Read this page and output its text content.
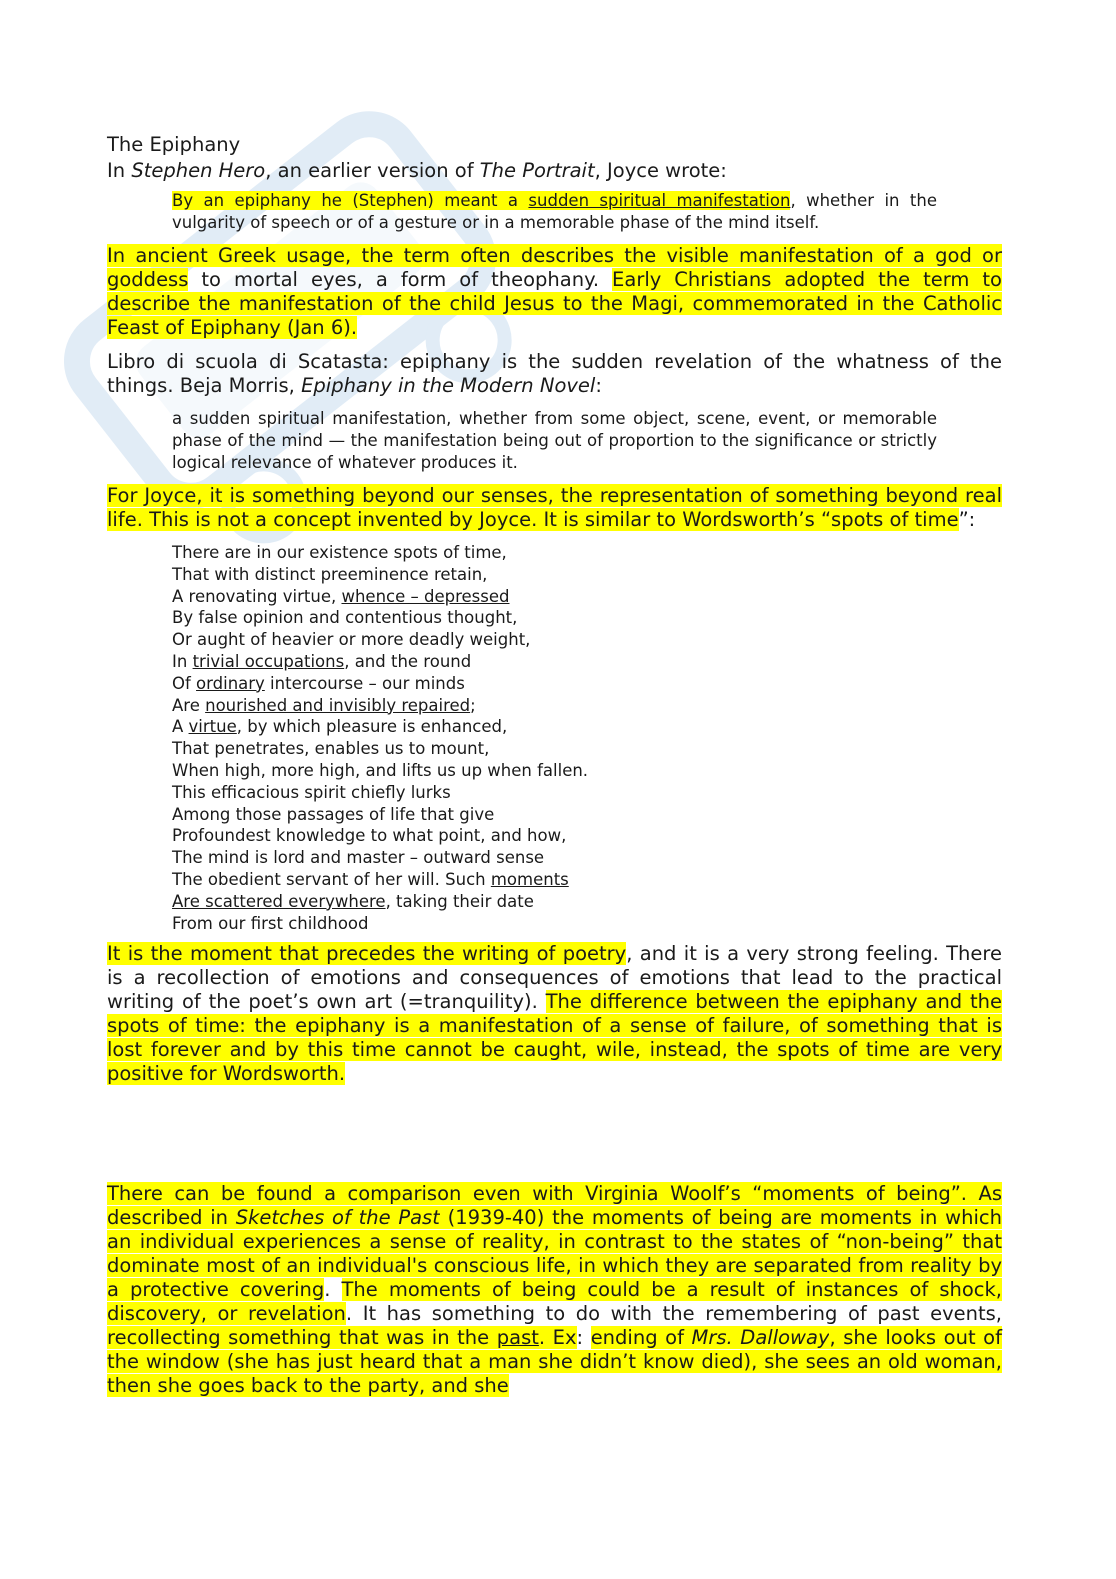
The Epiphany
In Stephen Hero, an earlier version of The Portrait, Joyce wrote:
By an epiphany he (Stephen) meant a sudden spiritual manifestation, whether in the vulgarity of speech or of a gesture or in a memorable phase of the mind itself.
In ancient Greek usage, the term often describes the visible manifestation of a god or goddess to mortal eyes, a form of theophany. Early Christians adopted the term to describe the manifestation of the child Jesus to the Magi, commemorated in the Catholic Feast of Epiphany (Jan 6).
Libro di scuola di Scatasta: epiphany is the sudden revelation of the whatness of the things. Beja Morris, Epiphany in the Modern Novel:
a sudden spiritual manifestation, whether from some object, scene, event, or memorable phase of the mind — the manifestation being out of proportion to the significance or strictly logical relevance of whatever produces it.
For Joyce, it is something beyond our senses, the representation of something beyond real life. This is not a concept invented by Joyce. It is similar to Wordsworth’s “spots of time”:
There are in our existence spots of time,
That with distinct preeminence retain,
A renovating virtue, whence – depressed
By false opinion and contentious thought,
Or aught of heavier or more deadly weight,
In trivial occupations, and the round
Of ordinary intercourse – our minds
Are nourished and invisibly repaired;
A virtue, by which pleasure is enhanced,
That penetrates, enables us to mount,
When high, more high, and lifts us up when fallen.
This efficacious spirit chiefly lurks
Among those passages of life that give
Profoundest knowledge to what point, and how,
The mind is lord and master – outward sense
The obedient servant of her will. Such moments
Are scattered everywhere, taking their date
From our first childhood
It is the moment that precedes the writing of poetry, and it is a very strong feeling. There is a recollection of emotions and consequences of emotions that lead to the practical writing of the poet’s own art (=tranquility). The difference between the epiphany and the spots of time: the epiphany is a manifestation of a sense of failure, of something that is lost forever and by this time cannot be caught, wile, instead, the spots of time are very positive for Wordsworth.
There can be found a comparison even with Virginia Woolf’s “moments of being”. As described in Sketches of the Past (1939-40) the moments of being are moments in which an individual experiences a sense of reality, in contrast to the states of “non-being” that dominate most of an individual's conscious life, in which they are separated from reality by a protective covering. The moments of being could be a result of instances of shock, discovery, or revelation. It has something to do with the remembering of past events, recollecting something that was in the past. Ex: ending of Mrs. Dalloway, she looks out of the window (she has just heard that a man she didn’t know died), she sees an old woman, then she goes back to the party, and she
